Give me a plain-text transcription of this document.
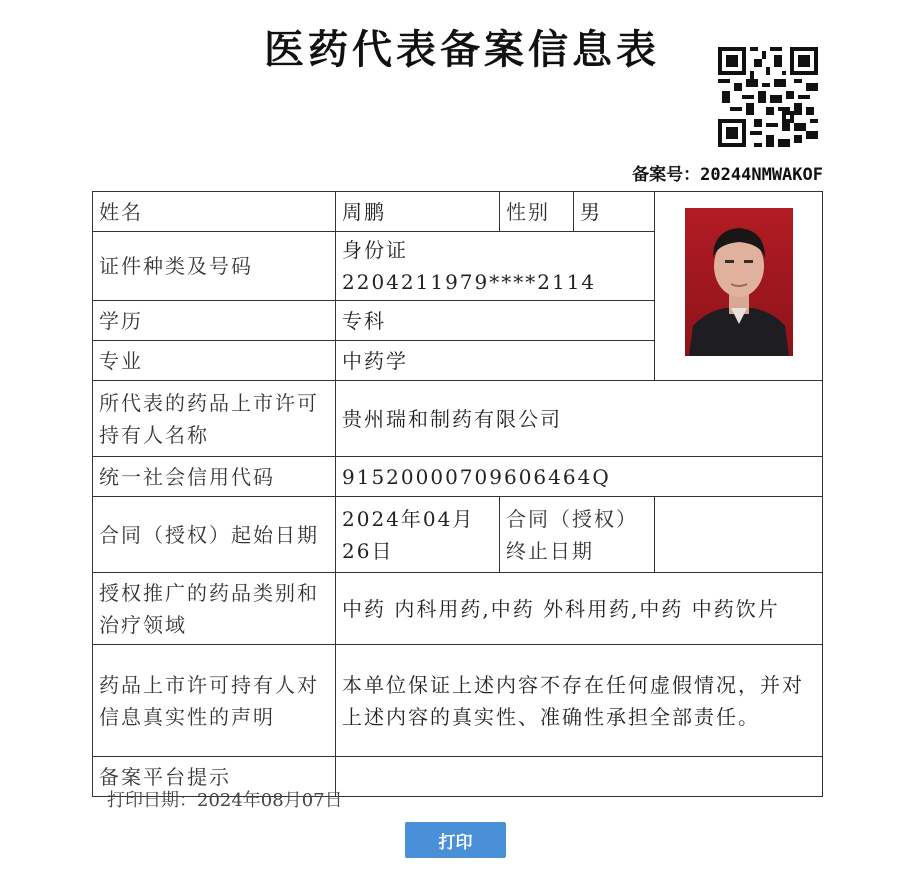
医药代表备案信息表
备案号：20244NMWAKOF
姓名	周鹏	性别	男	
证件种类及号码	身份证 2204211979****2114			
学历	专科			
专业	中药学			
所代表的药品上市许可持有人名称	贵州瑞和制药有限公司			
统一社会信用代码	91520000709606464Q			
合同（授权）起始日期	2024年04月26日	合同（授权）终止日期		
授权推广的药品类别和治疗领域	中药 内科用药,中药 外科用药,中药 中药饮片			
药品上市许可持有人对信息真实性的声明	本单位保证上述内容不存在任何虚假情况，并对上述内容的真实性、准确性承担全部责任。			
备案平台提示				
打印日期：2024年08月07日
打印
